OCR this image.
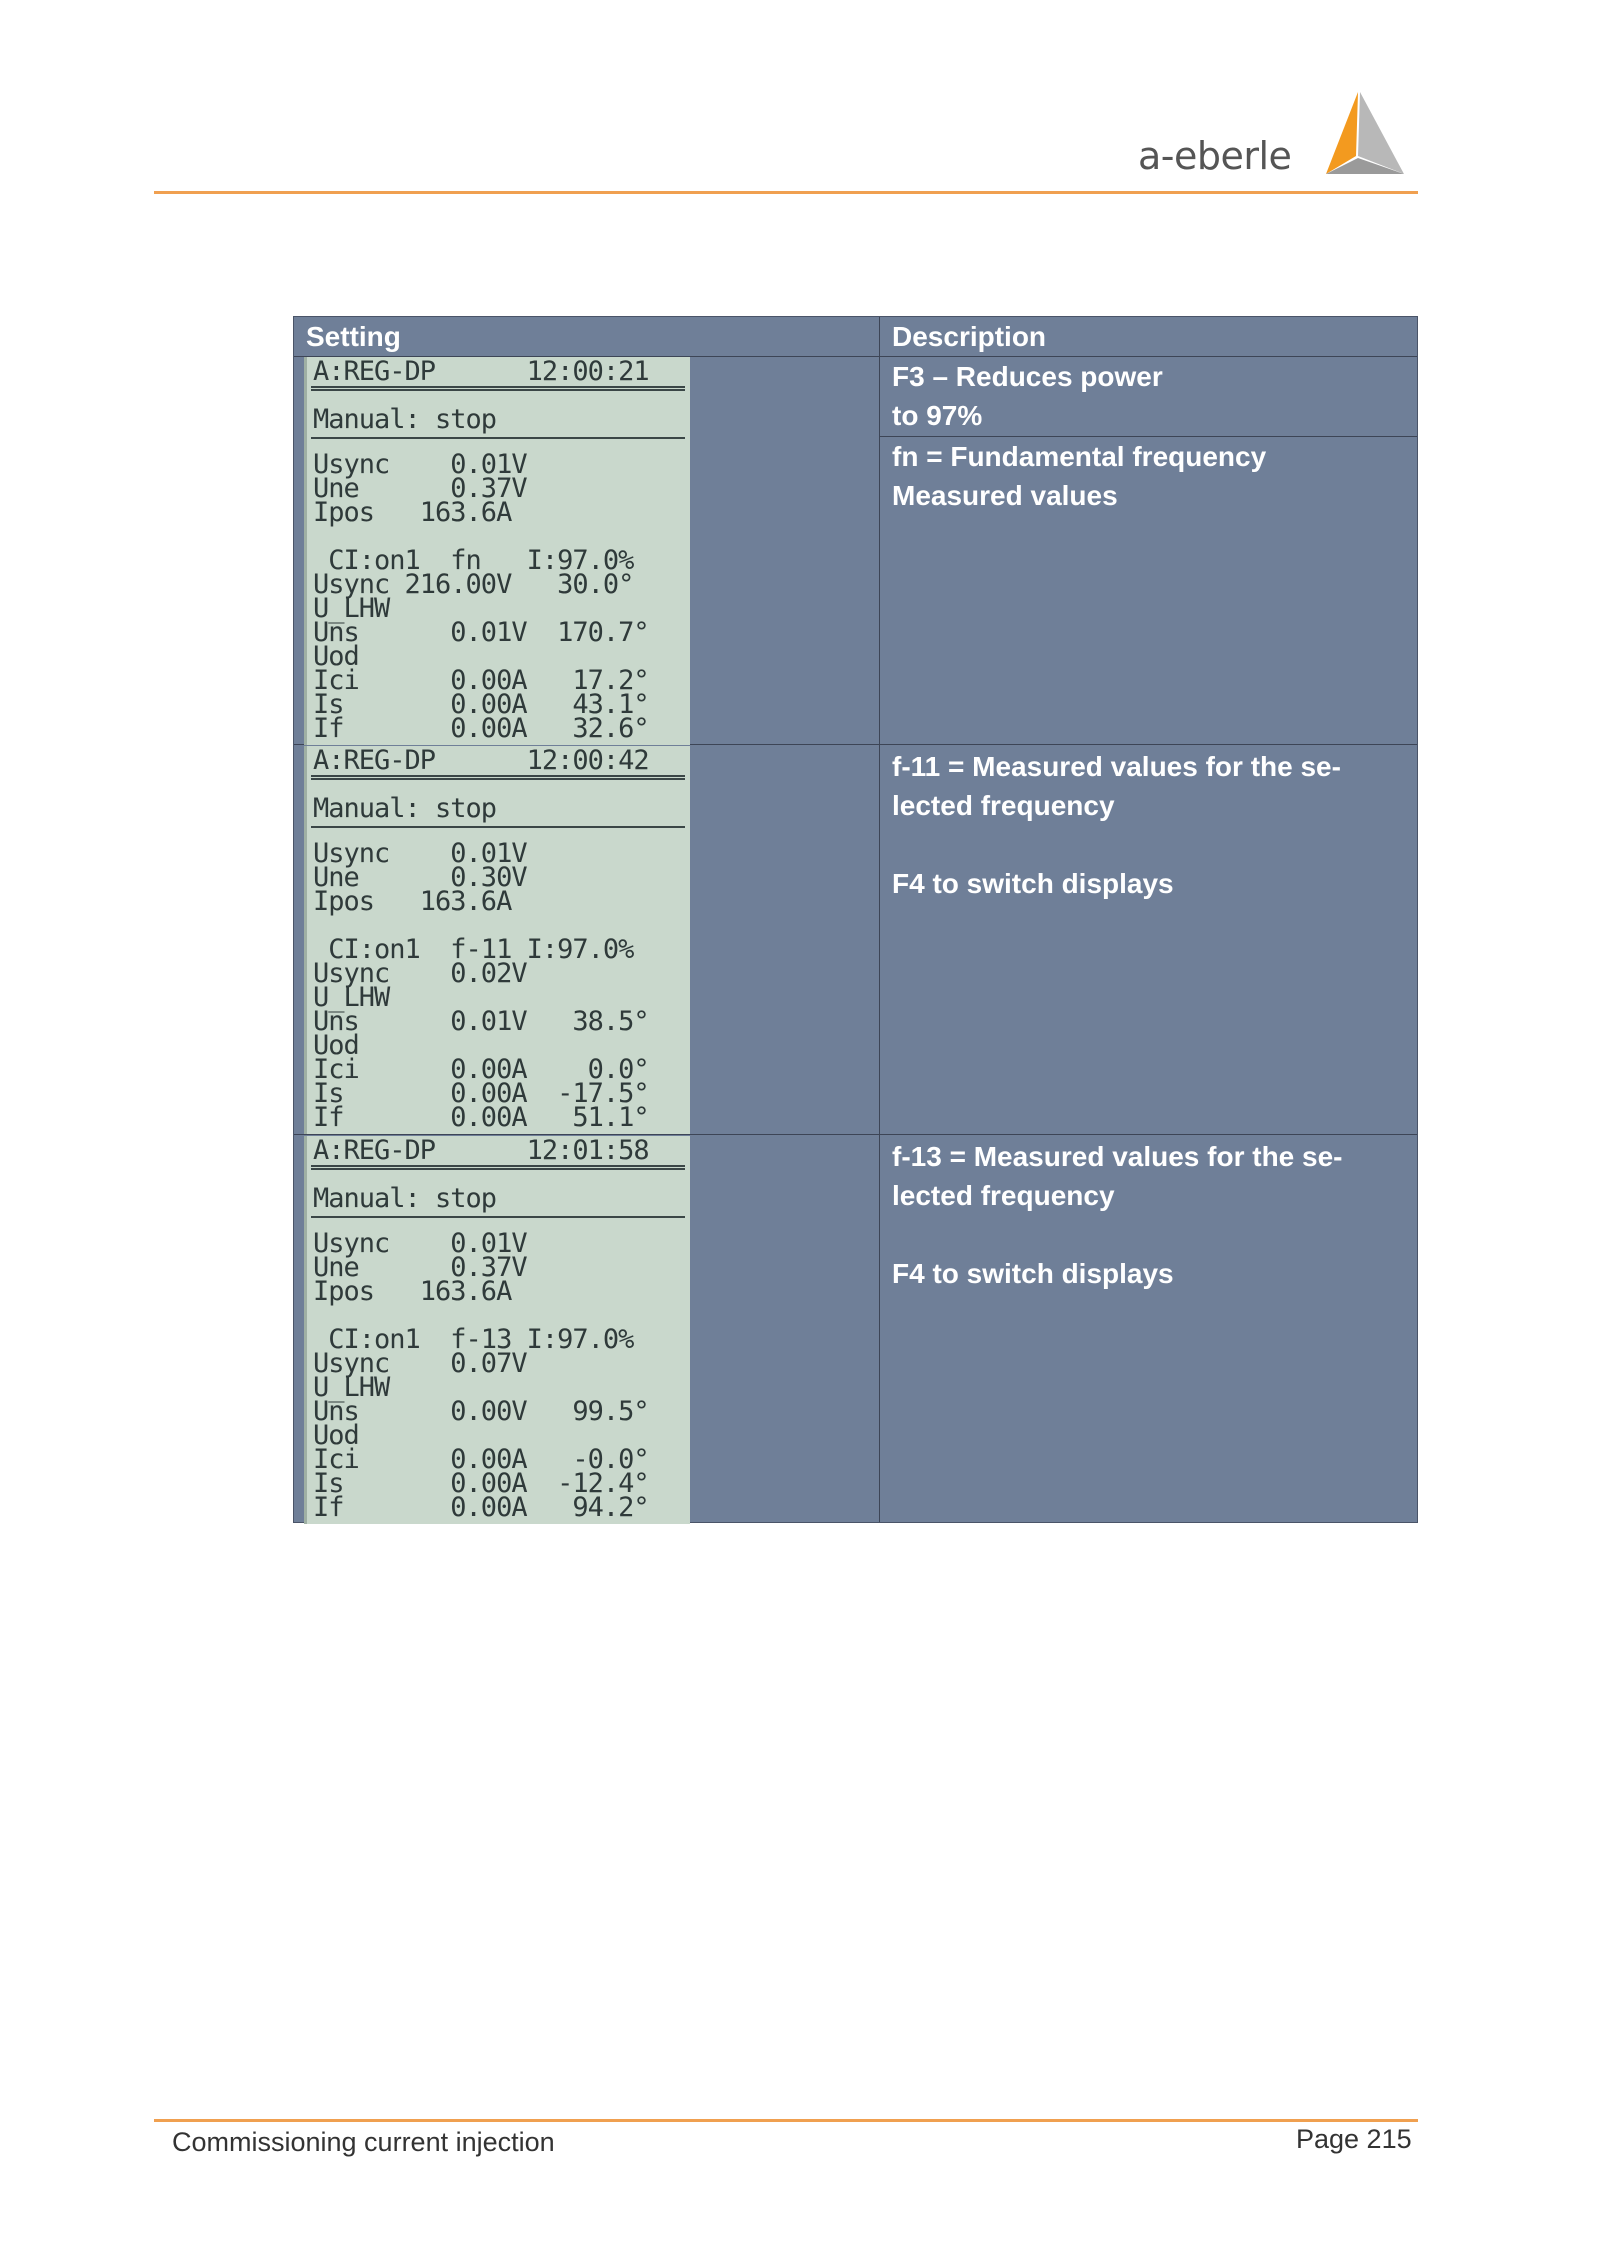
a-eberle
Setting	Description
A:REG-DP      12:00:21
Manual: stop
Usync    0.01V
Une      0.37V
Ipos   163.6A
CI:on1  fn   I:97.0%
Usync 216.00V   30.0°
U_LHW
Uns      0.01V  170.7°
Uod
Ici      0.00A   17.2°
Is       0.00A   43.1°
If       0.00A   32.6°
F3 – Reduces power
to 97%
fn = Fundamental frequency
Measured values
A:REG-DP      12:00:42
Manual: stop
Usync    0.01V
Une      0.30V
Ipos   163.6A
CI:on1  f-11 I:97.0%
Usync    0.02V
U_LHW
Uns      0.01V   38.5°
Uod
Ici      0.00A    0.0°
Is       0.00A  -17.5°
If       0.00A   51.1°
f-11 = Measured values for the se-
lected frequency

F4 to switch displays
A:REG-DP      12:01:58
Manual: stop
Usync    0.01V
Une      0.37V
Ipos   163.6A
CI:on1  f-13 I:97.0%
Usync    0.07V
U_LHW
Uns      0.00V   99.5°
Uod
Ici      0.00A   -0.0°
Is       0.00A  -12.4°
If       0.00A   94.2°
f-13 = Measured values for the se-
lected frequency

F4 to switch displays
Commissioning current injection	Page 215
